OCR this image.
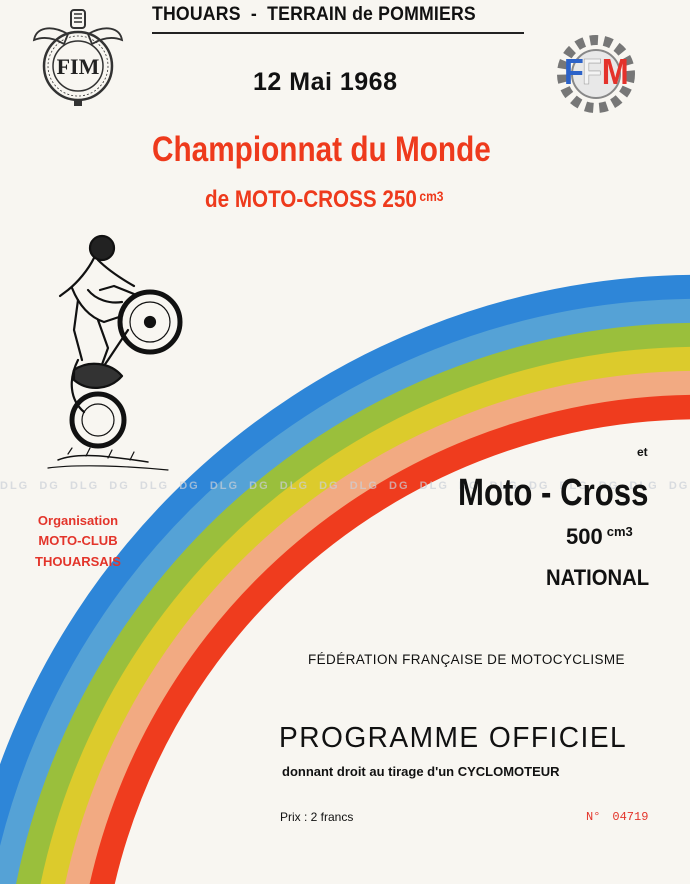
DLG  DG  DLG  DG  DLG  DG  DLG  DG  DLG  DG  DLG  DG  DLG  DG  DLG  DG  DLG  DG  DLG  DG
FIM	F
F M
THOUARS - TERRAIN de POMMIERS
12 Mai 1968
Championnat du Monde
de MOTO-CROSS 250 $^{cm3}$
Organisation
MOTO-CLUB
THOUARSAIS
et
Moto - Cross
500 $^{cm3}$
NATIONAL
FÉDÉRATION FRANÇAISE DE MOTOCYCLISME
PROGRAMME OFFICIEL
donnant droit au tirage d'un CYCLOMOTEUR
Prix : 2 francs	N° 04719
